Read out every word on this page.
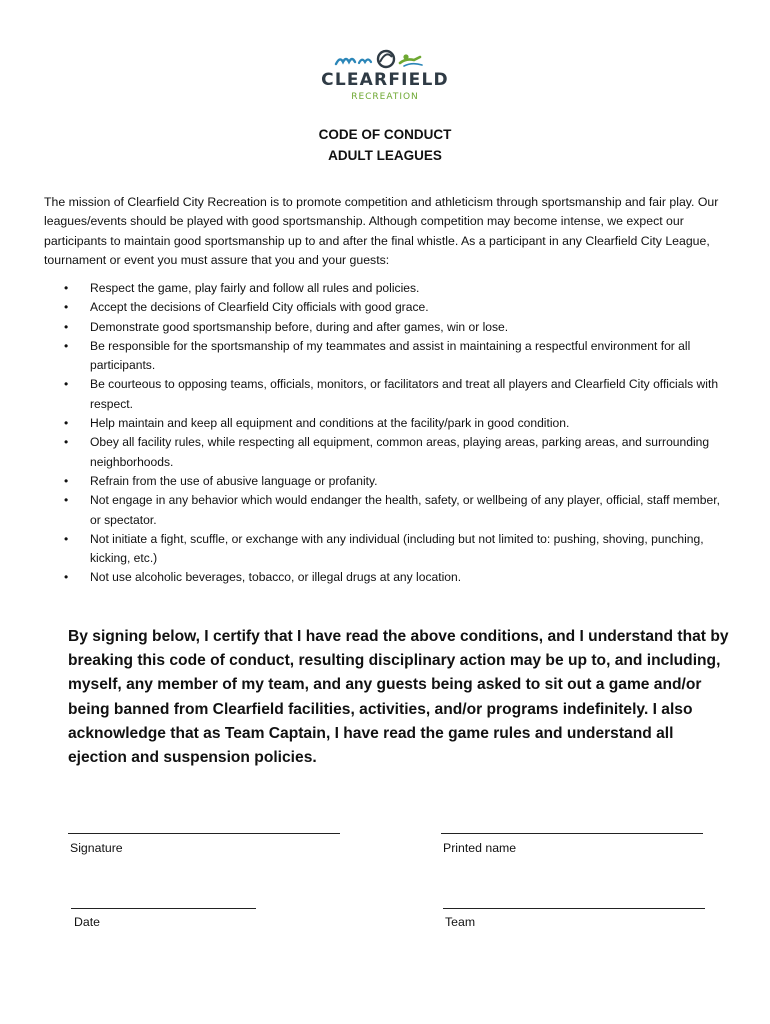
CLEARFIELD
RECREATION
CODE OF CONDUCT
ADULT LEAGUES

The mission of Clearfield City Recreation is to promote competition and athleticism through sportsmanship and fair play. Our leagues/events should be played with good sportsmanship. Although competition may become intense, we expect our participants to maintain good sportsmanship up to and after the final whistle. As a participant in any Clearfield City League, tournament or event you must assure that you and your guests:

• Respect the game, play fairly and follow all rules and policies.
• Accept the decisions of Clearfield City officials with good grace.
• Demonstrate good sportsmanship before, during and after games, win or lose.
• Be responsible for the sportsmanship of my teammates and assist in maintaining a respectful environment for all participants.
• Be courteous to opposing teams, officials, monitors, or facilitators and treat all players and Clearfield City officials with respect.
• Help maintain and keep all equipment and conditions at the facility/park in good condition.
• Obey all facility rules, while respecting all equipment, common areas, playing areas, parking areas, and surrounding neighborhoods.
• Refrain from the use of abusive language or profanity.
• Not engage in any behavior which would endanger the health, safety, or wellbeing of any player, official, staff member, or spectator.
• Not initiate a fight, scuffle, or exchange with any individual (including but not limited to: pushing, shoving, punching, kicking, etc.)
• Not use alcoholic beverages, tobacco, or illegal drugs at any location.

By signing below, I certify that I have read the above conditions, and I understand that by breaking this code of conduct, resulting disciplinary action may be up to, and including, myself, any member of my team, and any guests being asked to sit out a game and/or being banned from Clearfield facilities, activities, and/or programs indefinitely. I also acknowledge that as Team Captain, I have read the game rules and understand all ejection and suspension policies.

Signature	Printed name
Date	Team
